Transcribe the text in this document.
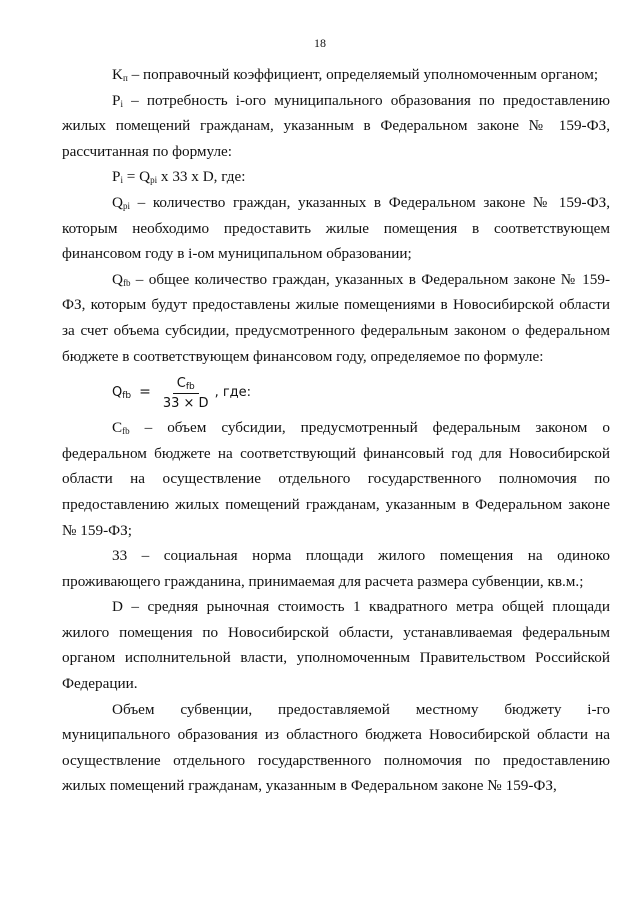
18

$K_п$ – поправочный коэффициент, определяемый уполномоченным органом;

$P_i$ – потребность i-ого муниципального образования по предоставлению жилых помещений гражданам, указанным в Федеральном законе № 159-ФЗ, рассчитанная по формуле:

$P_i = Q_{pi}$ x 33 x D, где:

$Q_{pi}$ – количество граждан, указанных в Федеральном законе № 159-ФЗ, которым необходимо предоставить жилые помещения в соответствующем финансовом году в i-ом муниципальном образовании;

$Q_{fb}$ – общее количество граждан, указанных в Федеральном законе № 159-ФЗ, которым будут предоставлены жилые помещениями в Новосибирской области за счет объема субсидии, предусмотренного федеральным законом о федеральном бюджете в соответствующем финансовом году, определяемое по формуле:

$Q_{fb} = \frac{C_{fb}}{33 \times D}$ , где:

$C_{fb}$ – объем субсидии, предусмотренный федеральным законом о федеральном бюджете на соответствующий финансовый год для Новосибирской области на осуществление отдельного государственного полномочия по предоставлению жилых помещений гражданам, указанным в Федеральном законе № 159-ФЗ;

33 – социальная норма площади жилого помещения на одиноко проживающего гражданина, принимаемая для расчета размера субвенции, кв.м.;

D – средняя рыночная стоимость 1 квадратного метра общей площади жилого помещения по Новосибирской области, устанавливаемая федеральным органом исполнительной власти, уполномоченным Правительством Российской Федерации.

Объем субвенции, предоставляемой местному бюджету i-го муниципального образования из областного бюджета Новосибирской области на осуществление отдельного государственного полномочия по предоставлению жилых помещений гражданам, указанным в Федеральном законе № 159-ФЗ,
